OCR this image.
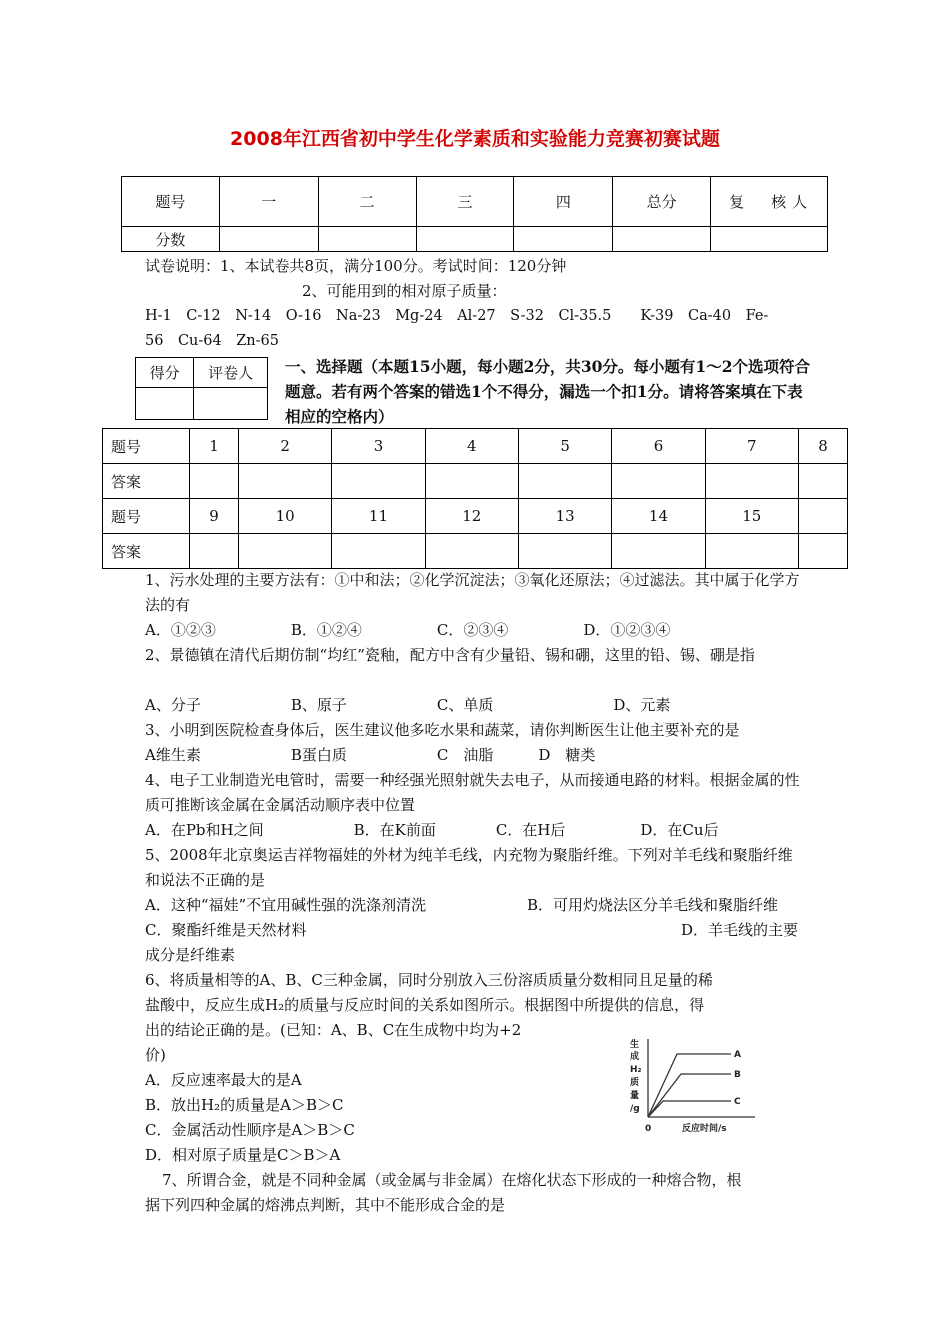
2008年江西省初中学生化学素质和实验能力竞赛初赛试题
题号	一	二	三	四	总分	复　核人
分数						
试卷说明：1、本试卷共8页，满分100分。考试时间：120分钟
2、可能用到的相对原子质量：
H-1　C-12　N-14　O-16　Na-23　Mg-24　Al-27　S-32　Cl-35.5　　K-39　Ca-40　Fe-
56　Cu-64　Zn-65
得分	评卷人
	一、选择题（本题15小题，每小题2分，共30分。每小题有1～2个选项符合题意。若有两个答案的错选1个不得分，漏选一个扣1分。请将答案填在下表相应的空格内）
题号	1	2	3	4	5	6	7	8
答案								
题号	9	10	11	12	13	14	15	
答案								
1、污水处理的主要方法有：①中和法；②化学沉淀法；③氧化还原法；④过滤法。其中属于化学方法的有
A．①②③　　　　　B．①②④　　　　　C．②③④　　　　　D．①②③④
2、景德镇在清代后期仿制“均红”瓷釉，配方中含有少量铅、锡和硼，这里的铅、锡、硼是指
A、分子　　　　　　B、原子　　　　　　C、单质　　　　　　　　D、元素
3、小明到医院检查身体后，医生建议他多吃水果和蔬菜，请你判断医生让他主要补充的是
A维生素　　　　　　B蛋白质　　　　　　C　油脂　　　D　糖类
4、电子工业制造光电管时，需要一种经强光照射就失去电子，从而接通电路的材料。根据金属的性质可推断该金属在金属活动顺序表中位置
A．在Pb和H之间　　　　　　B．在K前面　　　　C．在H后　　　　　D．在Cu后
5、2008年北京奥运吉祥物福娃的外材为纯羊毛线，内充物为聚脂纤维。下列对羊毛线和聚脂纤维和说法不正确的是
A．这种“福娃”不宜用碱性强的洗涤剂清洗	B．可用灼烧法区分羊毛线和聚脂纤维
C．聚酯纤维是天然材料	D．羊毛线的主要
成分是纤维素
6、将质量相等的A、B、C三种金属，同时分别放入三份溶质质量分数相同且足量的稀
盐酸中，反应生成H₂的质量与反应时间的关系如图所示。根据图中所提供的信息，得
出的结论正确的是。(已知：A、B、C在生成物中均为+2
价)
A．反应速率最大的是A
B．放出H₂的质量是A＞B＞C
C．金属活动性顺序是A＞B＞C
D．相对原子质量是C＞B＞A
生
成
H₂
质
量
/g
0	反应时间/s
A
B
C
7、所谓合金，就是不同种金属（或金属与非金属）在熔化状态下形成的一种熔合物，根
据下列四种金属的熔沸点判断，其中不能形成合金的是
